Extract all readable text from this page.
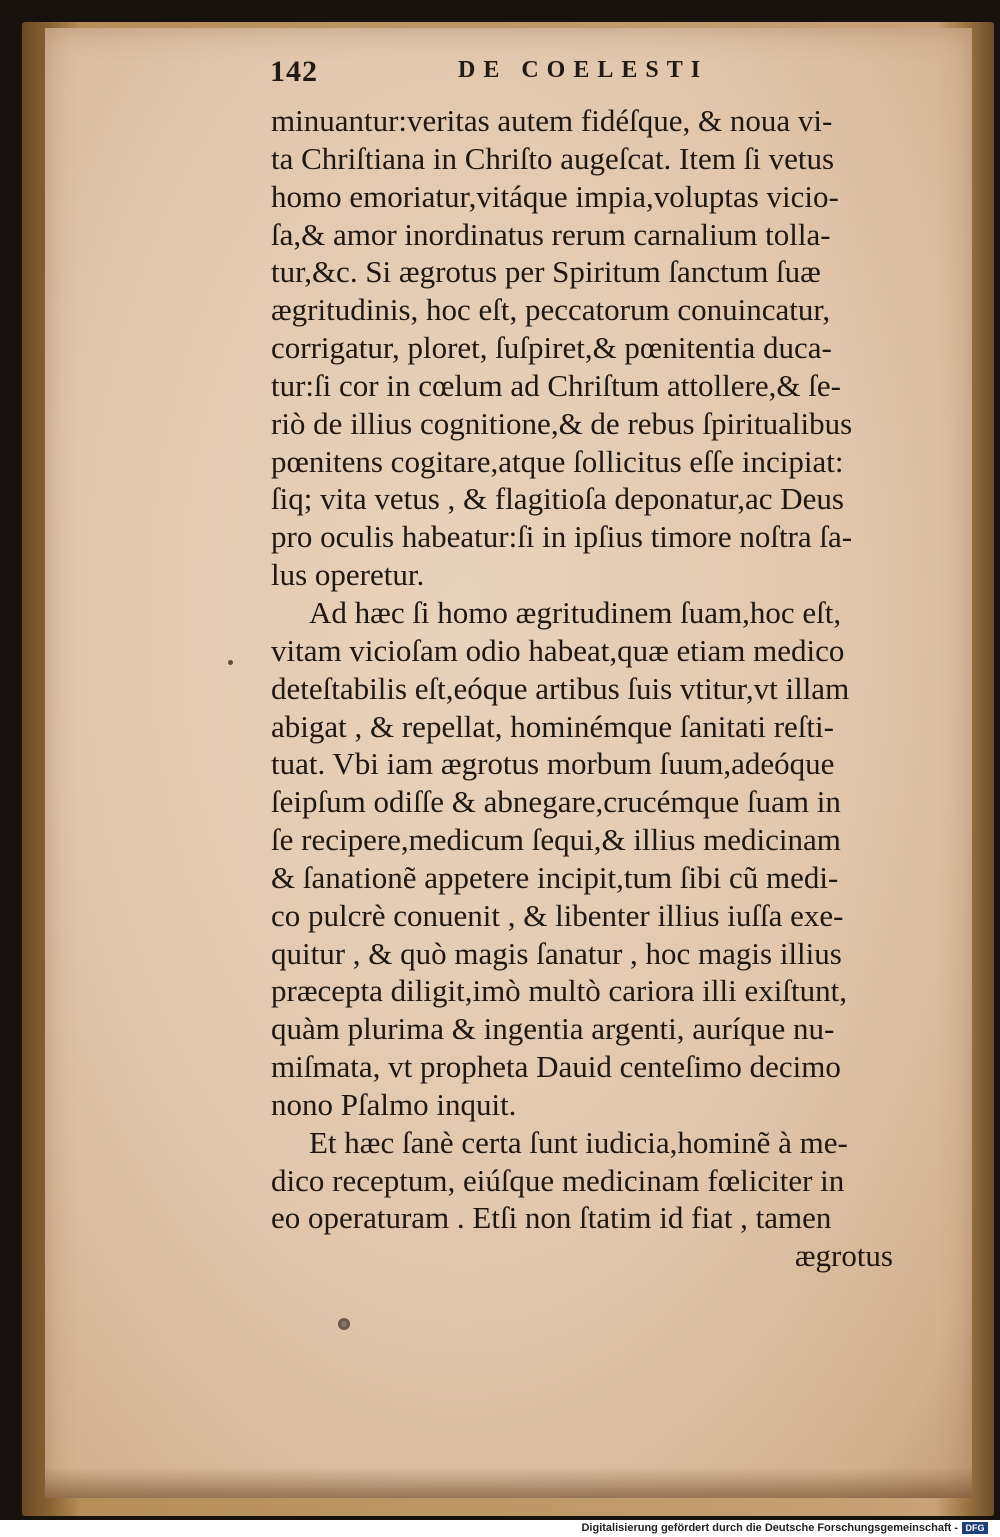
142	DE COELESTI
minuantur:veritas autem fidéſque, & noua vi-
ta Chriſtiana in Chriſto augeſcat. Item ſi vetus
homo emoriatur,vitáque impia,voluptas vicio-
ſa,& amor inordinatus rerum carnalium tolla-
tur,&c. Si ægrotus per Spiritum ſanctum ſuæ
ægritudinis, hoc eſt, peccatorum conuincatur,
corrigatur, ploret, ſuſpiret,& pœnitentia duca-
tur:ſi cor in cœlum ad Chriſtum attollere,& ſe-
riò de illius cognitione,& de rebus ſpiritualibus
pœnitens cogitare,atque ſollicitus eſſe incipiat:
ſiq; vita vetus , & flagitioſa deponatur,ac Deus
pro oculis habeatur:ſi in ipſius timore noſtra ſa-
lus operetur.
Ad hæc ſi homo ægritudinem ſuam,hoc eſt,
vitam vicioſam odio habeat,quæ etiam medico
deteſtabilis eſt,eóque artibus ſuis vtitur,vt illam
abigat , & repellat, hominémque ſanitati reſti-
tuat. Vbi iam ægrotus morbum ſuum,adeóque
ſeipſum odiſſe & abnegare,crucémque ſuam in
ſe recipere,medicum ſequi,& illius medicinam
& ſanationẽ appetere incipit,tum ſibi cũ medi-
co pulcrè conuenit , & libenter illius iuſſa exe-
quitur , & quò magis ſanatur , hoc magis illius
præcepta diligit,imò multò cariora illi exiſtunt,
quàm plurima & ingentia argenti, auríque nu-
miſmata, vt propheta Dauid centeſimo decimo
nono Pſalmo inquit.
Et hæc ſanè certa ſunt iudicia,hominẽ à me-
dico receptum, eiúſque medicinam fœliciter in
eo operaturam . Etſi non ſtatim id fiat , tamen
ægrotus
Digitalisierung gefördert durch die Deutsche Forschungsgemeinschaft - DFG
